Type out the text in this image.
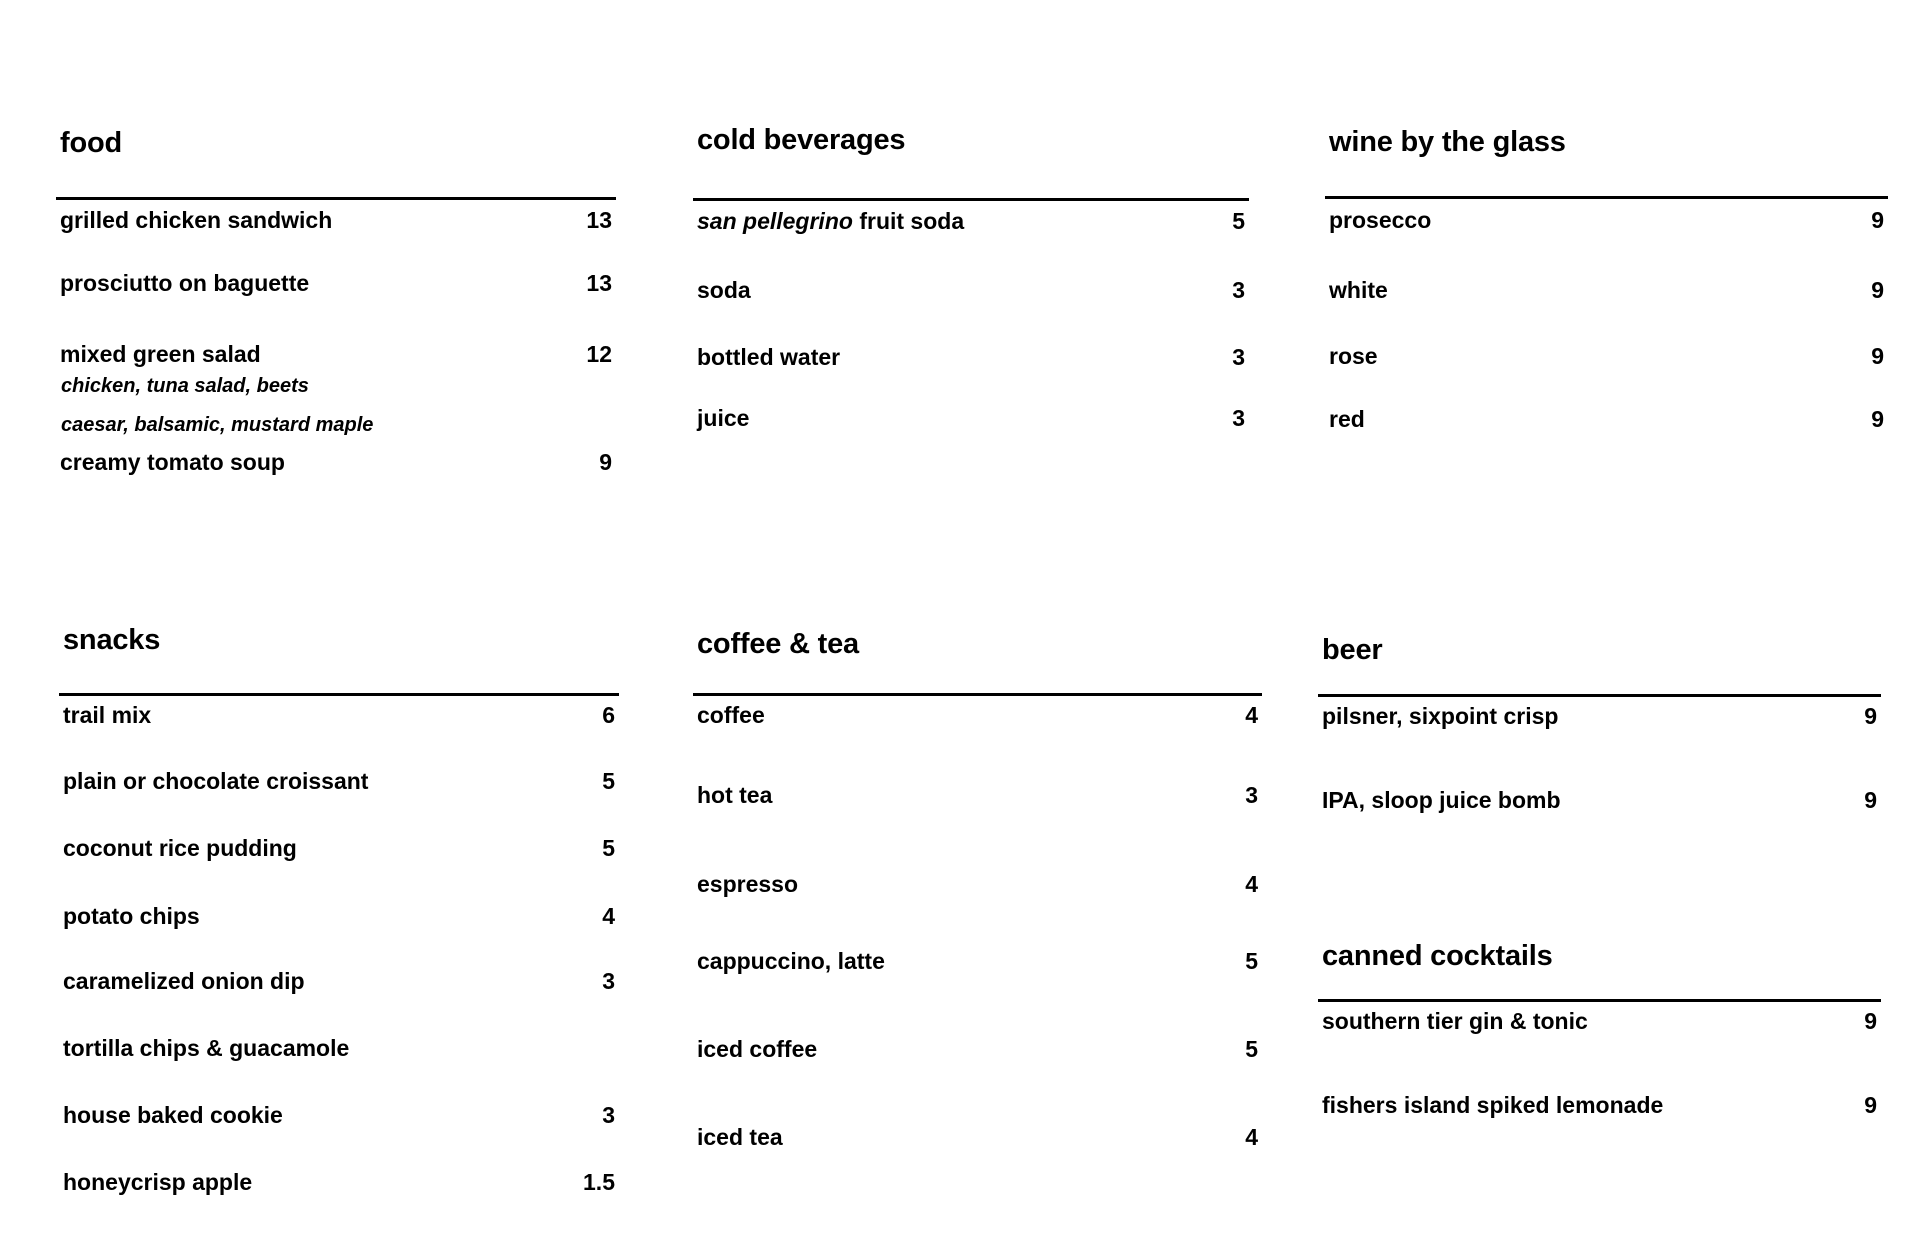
food
grilled chicken sandwich	13
prosciutto on baguette	13
mixed green salad	12
chicken, tuna salad, beets
caesar, balsamic, mustard maple
creamy tomato soup	9
cold beverages
san pellegrino fruit soda	5
soda	3
bottled water	3
juice	3
wine by the glass
prosecco	9
white	9
rose	9
red	9
snacks
trail mix	6
plain or chocolate croissant	5
coconut rice pudding	5
potato chips	4
caramelized onion dip	3
tortilla chips & guacamole
house baked cookie	3
honeycrisp apple	1.5
coffee & tea
coffee	4
hot tea	3
espresso	4
cappuccino, latte	5
iced coffee	5
iced tea	4
beer
pilsner, sixpoint crisp	9
IPA, sloop juice bomb	9
canned cocktails
southern tier gin & tonic	9
fishers island spiked lemonade	9
